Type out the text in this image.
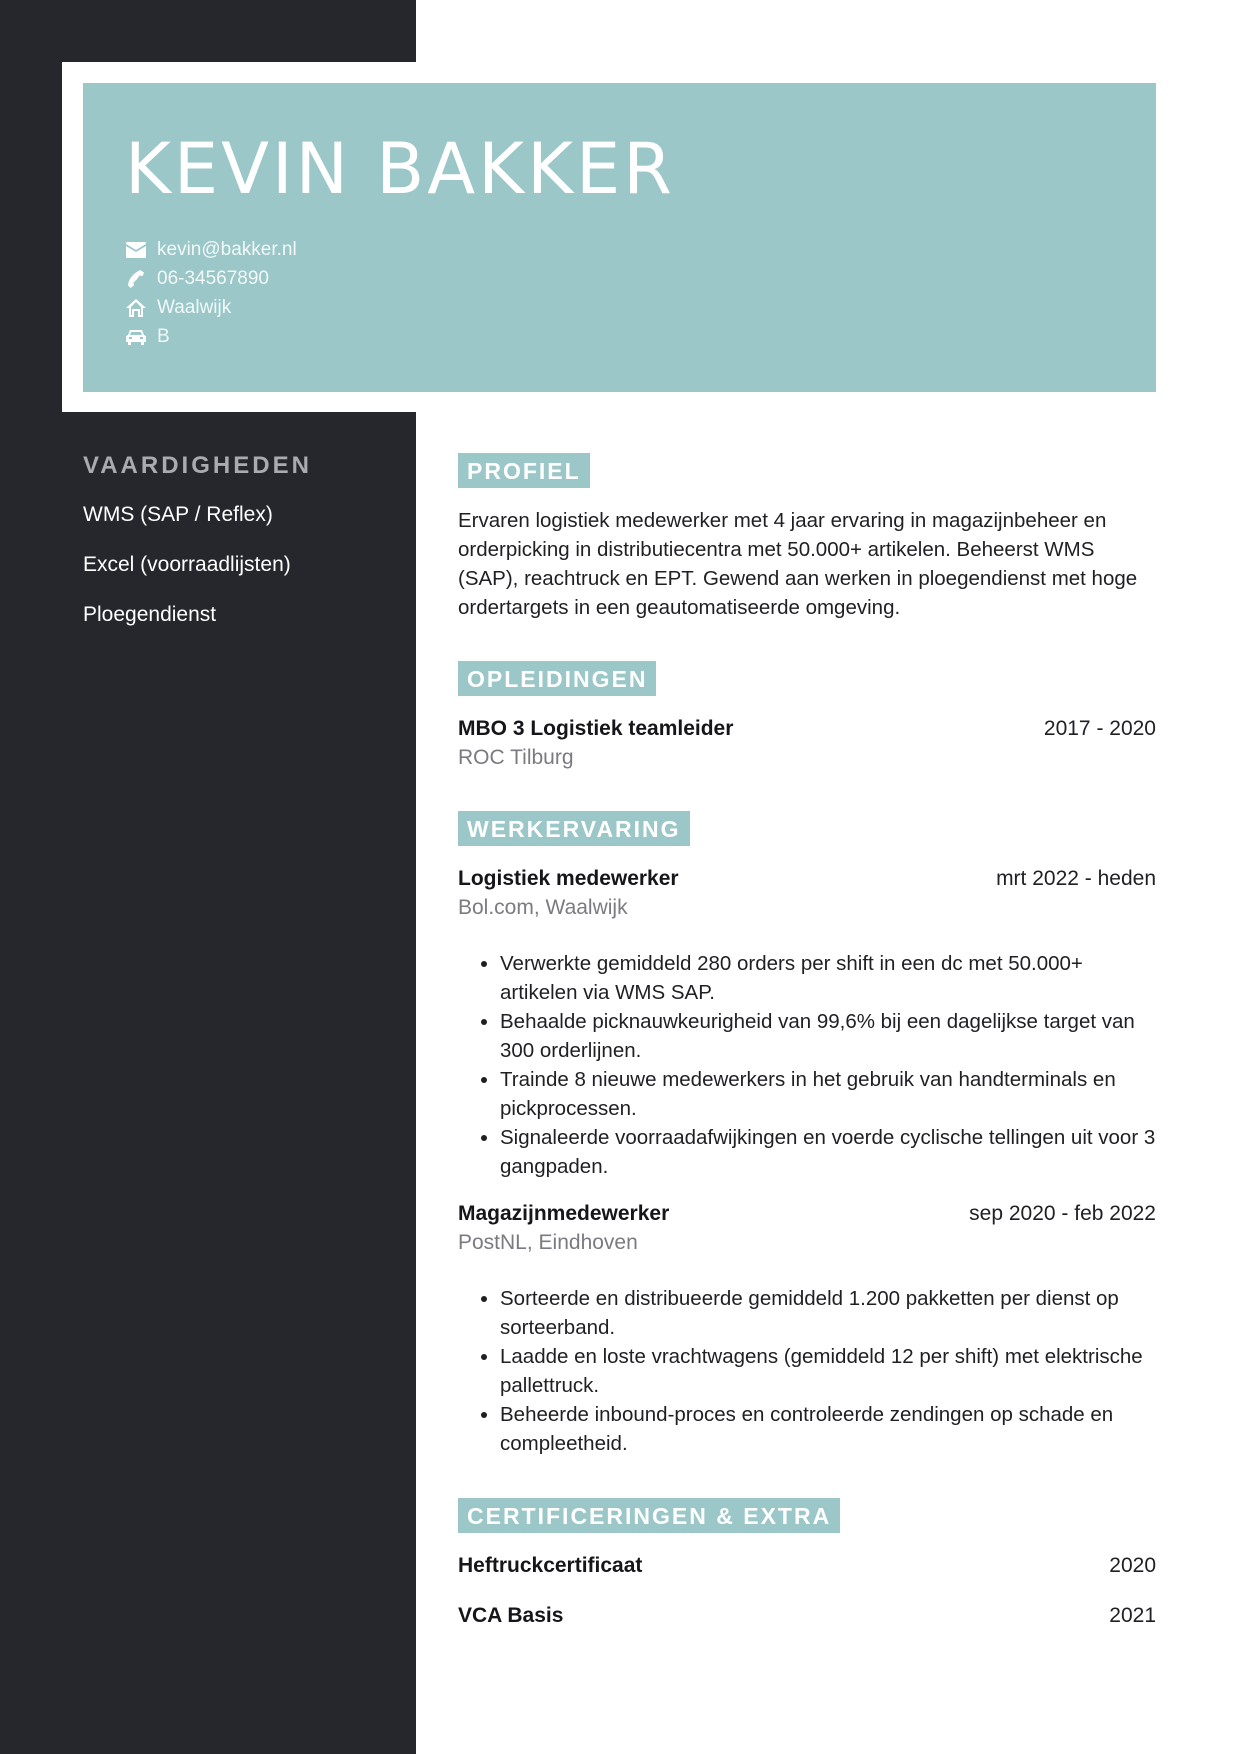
KEVIN BAKKER
kevin@bakker.nl
06-34567890
Waalwijk
B
VAARDIGHEDEN
WMS (SAP / Reflex)
Excel (voorraadlijsten)
Ploegendienst
PROFIEL

Ervaren logistiek medewerker met 4 jaar ervaring in magazijnbeheer en orderpicking in distributiecentra met 50.000+ artikelen. Beheerst WMS (SAP), reachtruck en EPT. Gewend aan werken in ploegendienst met hoge ordertargets in een geautomatiseerde omgeving.

OPLEIDINGEN
MBO 3 Logistiek teamleider	2017 - 2020
ROC Tilburg
WERKERVARING
Logistiek medewerker	mrt 2022 - heden
Bol.com, Waalwijk
• Verwerkte gemiddeld 280 orders per shift in een dc met 50.000+ artikelen via WMS SAP.
• Behaalde picknauwkeurigheid van 99,6% bij een dagelijkse target van 300 orderlijnen.
• Trainde 8 nieuwe medewerkers in het gebruik van handterminals en pickprocessen.
• Signaleerde voorraadafwijkingen en voerde cyclische tellingen uit voor 3 gangpaden.
Magazijnmedewerker	sep 2020 - feb 2022
PostNL, Eindhoven
• Sorteerde en distribueerde gemiddeld 1.200 pakketten per dienst op sorteerband.
• Laadde en loste vrachtwagens (gemiddeld 12 per shift) met elektrische pallettruck.
• Beheerde inbound-proces en controleerde zendingen op schade en compleetheid.
CERTIFICERINGEN & EXTRA
Heftruckcertificaat	2020
VCA Basis	2021
